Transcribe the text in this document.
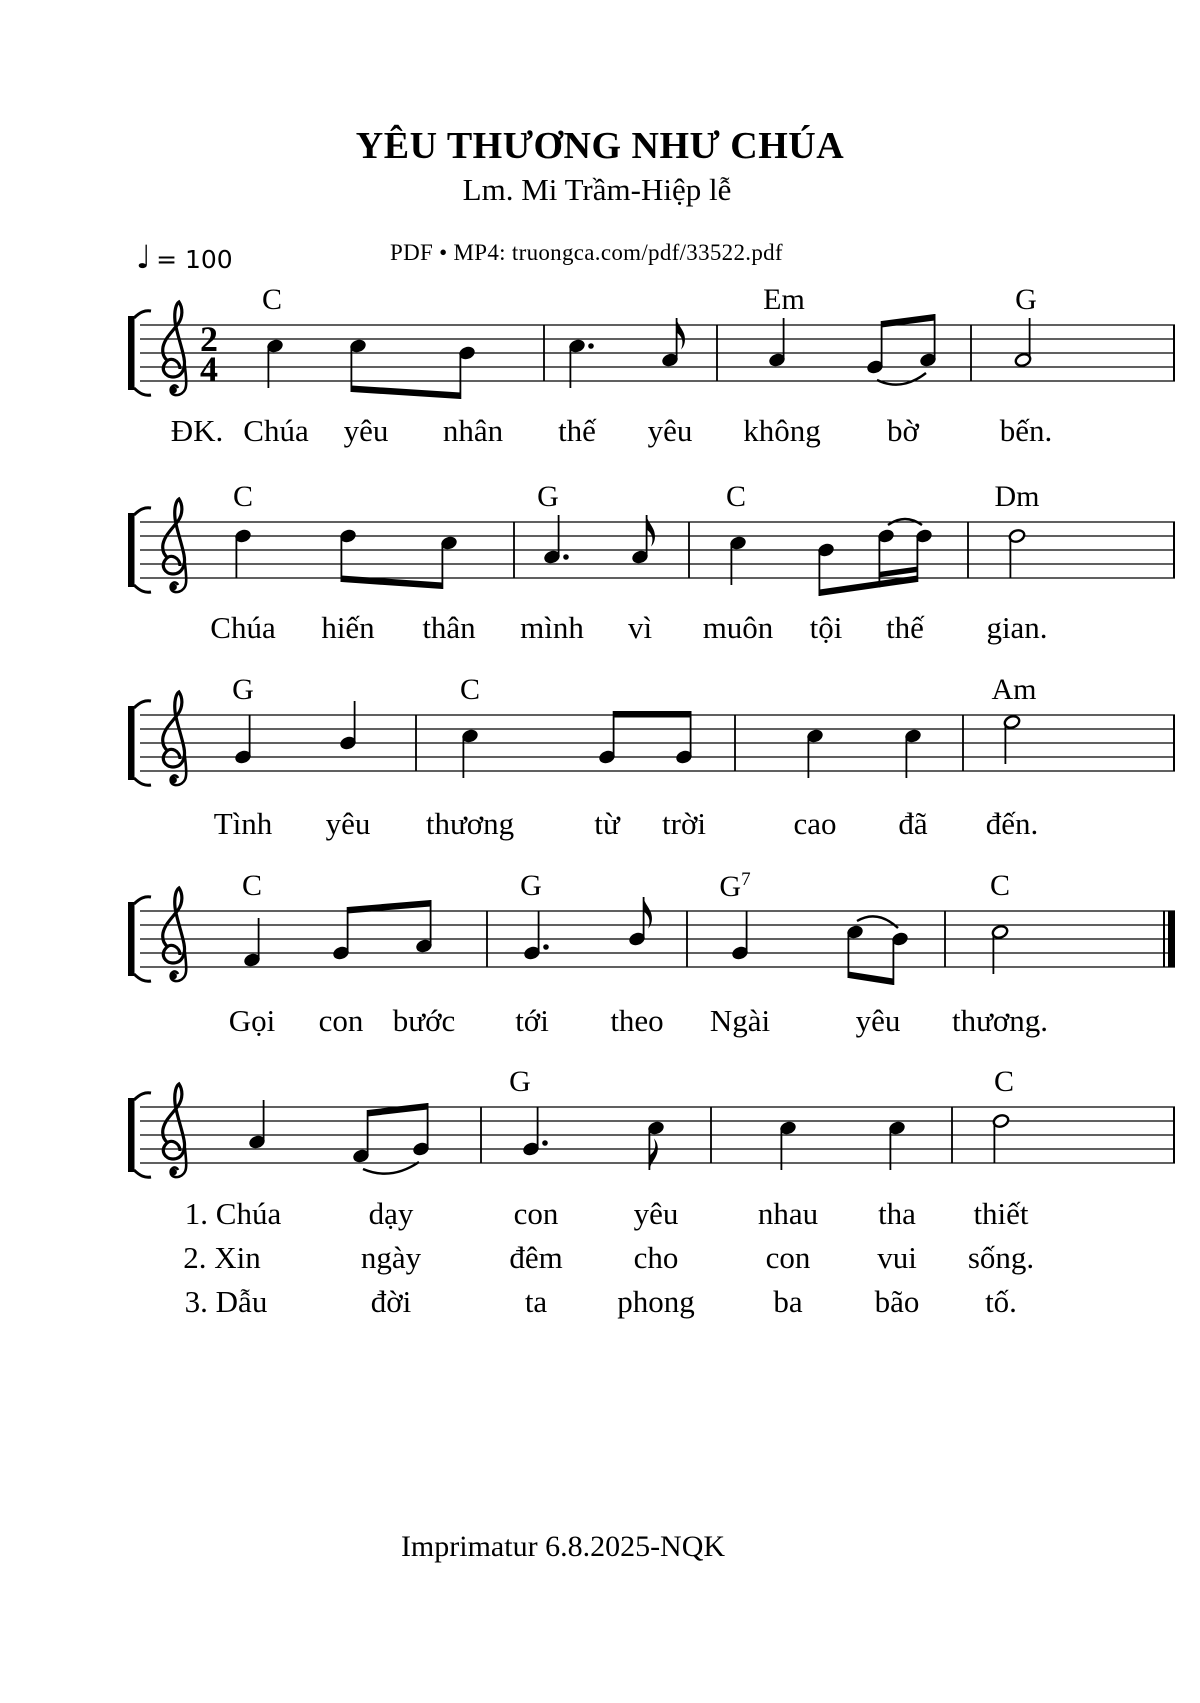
YÊU THƯƠNG NHƯ CHÚA
Lm. Mi Trầm-Hiệp lễ
PDF • MP4: truongca.com/pdf/33522.pdf
♩ = 100
2
4
C	Em	G
ĐK. Chúa yêu nhân thế yêu không bờ	bến.
C	G	C	Dm
Chúa hiến thân mình vì muôn tội thế gian.
G	C	Am
Tình yêu thương	từ trời	cao đã đến.
C	G	$G^7$	C
Gọi con bước tới theo Ngài	yêu thương.
G	C
1. Chúa	dạy	con yêu	nhau tha thiết
2. Xin	ngày	đêm cho	con vui sống.
3. Dẫu	đời	ta phong	ba bão tố.
Imprimatur 6.8.2025-NQK
